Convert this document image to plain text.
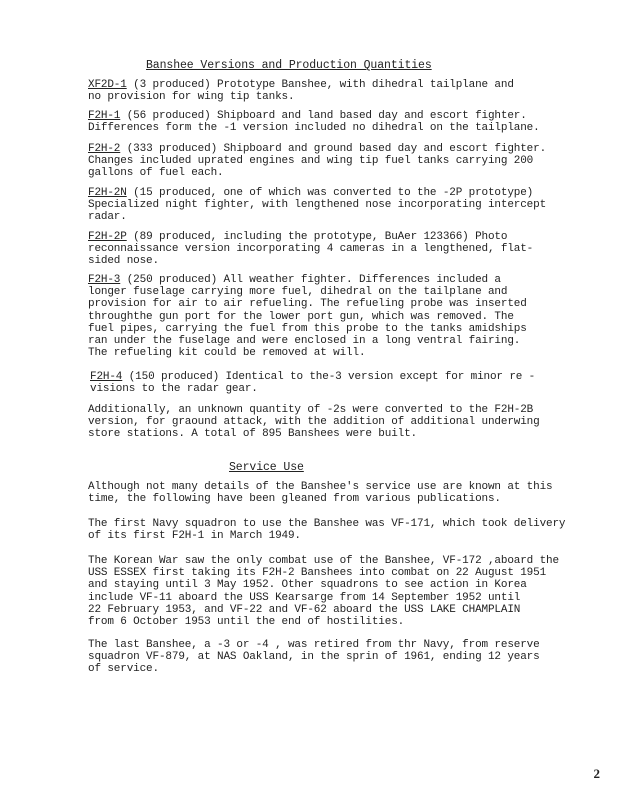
Banshee Versions and Production Quantities
XF2D-1 (3 produced) Prototype Banshee, with dihedral tailplane and
no provision for wing tip tanks.
F2H-1 (56 produced) Shipboard and land based day and escort fighter.
Differences form the -1 version included no dihedral on the tailplane.
F2H-2 (333 produced) Shipboard and ground based day and escort fighter.
Changes included uprated engines and wing tip fuel tanks carrying 200
gallons of fuel each.
F2H-2N (15 produced, one of which was converted to the -2P prototype)
Specialized night fighter, with lengthened nose incorporating intercept
radar.
F2H-2P (89 produced, including the prototype, BuAer 123366) Photo
reconnaissance version incorporating 4 cameras in a lengthened, flat-
sided nose.
F2H-3 (250 produced) All weather fighter. Differences included a
longer fuselage carrying more fuel, dihedral on the tailplane and
provision for air to air refueling. The refueling probe was inserted
throughthe gun port for the lower port gun, which was removed. The
fuel pipes, carrying the fuel from this probe to the tanks amidships
ran under the fuselage and were enclosed in a long ventral fairing.
The refueling kit could be removed at will.
F2H-4 (150 produced) Identical to the-3 version except for minor re -
visions to the radar gear.
Additionally, an unknown quantity of -2s were converted to the F2H-2B
version, for graound attack, with the addition of additional underwing
store stations. A total of 895 Banshees were built.
Service Use
Although not many details of the Banshee's service use are known at this
time, the following have been gleaned from various publications.
The first Navy squadron to use the Banshee was VF-171, which took delivery
of its first F2H-1 in March 1949.
The Korean War saw the only combat use of the Banshee, VF-172 ,aboard the
USS ESSEX first taking its F2H-2 Banshees into combat on 22 August 1951
and staying until 3 May 1952. Other squadrons to see action in Korea
include VF-11 aboard the USS Kearsarge from 14 September 1952 until
22 February 1953, and VF-22 and VF-62 aboard the USS LAKE CHAMPLAIN
from 6 October 1953 until the end of hostilities.
The last Banshee, a -3 or -4 , was retired from thr Navy, from reserve
squadron VF-879, at NAS Oakland, in the sprin of 1961, ending 12 years
of service.
2
